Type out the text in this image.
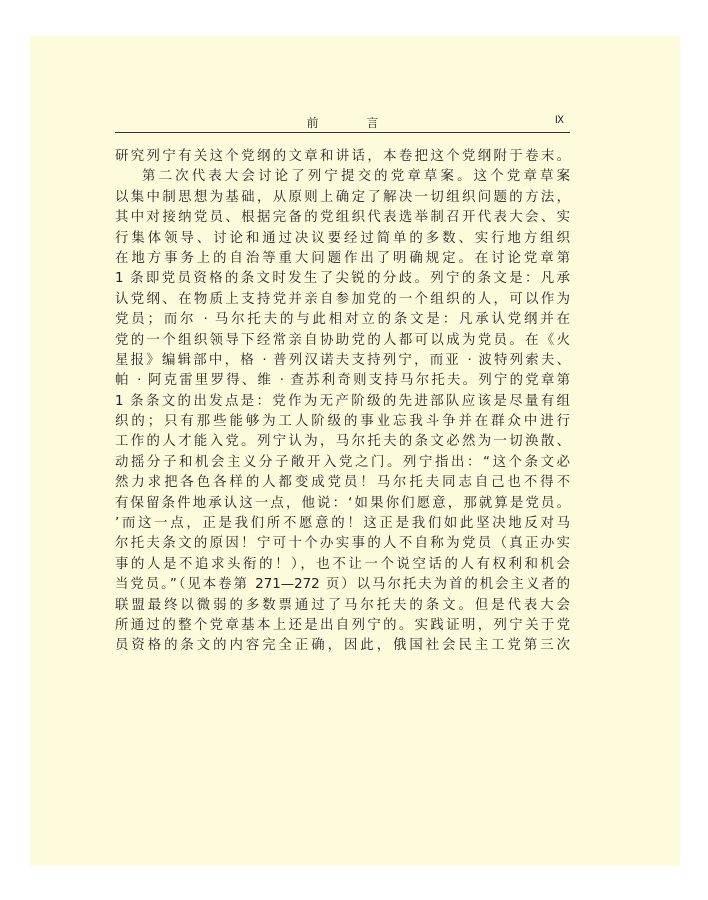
前 言	Ⅸ
研究列宁有关这个党纲的文章和讲话，本卷把这个党纲附于卷末。
第二次代表大会讨论了列宁提交的党章草案。这个党章草案
以集中制思想为基础，从原则上确定了解决一切组织问题的方法，
其中对接纳党员、根据完备的党组织代表选举制召开代表大会、实
行集体领导、讨论和通过决议要经过简单的多数、实行地方组织
在地方事务上的自治等重大问题作出了明确规定。在讨论党章第
1 条即党员资格的条文时发生了尖锐的分歧。列宁的条文是：凡承
认党纲、在物质上支持党并亲自参加党的一个组织的人，可以作为
党员；而尔 · 马尔托夫的与此相对立的条文是：凡承认党纲并在
党的一个组织领导下经常亲自协助党的人都可以成为党员。在《火
星报》编辑部中，格 · 普列汉诺夫支持列宁，而亚 · 波特列索夫、
帕 · 阿克雷里罗得、维 · 查苏利奇则支持马尔托夫。列宁的党章第
1 条条文的出发点是：党作为无产阶级的先进部队应该是尽量有组
织的；只有那些能够为工人阶级的事业忘我斗争并在群众中进行
工作的人才能入党。列宁认为，马尔托夫的条文必然为一切涣散、
动摇分子和机会主义分子敞开入党之门。列宁指出：“这个条文必
然力求把各色各样的人都变成党员！马尔托夫同志自己也不得不
有保留条件地承认这一点，他说：‘如果你们愿意，那就算是党员。
’而这一点，正是我们所不愿意的！这正是我们如此坚决地反对马
尔托夫条文的原因！宁可十个办实事的人不自称为党员（真正办实
事的人是不追求头衔的！），也不让一个说空话的人有权利和机会
当党员。”（见本卷第 271—272 页）以马尔托夫为首的机会主义者的
联盟最终以微弱的多数票通过了马尔托夫的条文。但是代表大会
所通过的整个党章基本上还是出自列宁的。实践证明，列宁关于党
员资格的条文的内容完全正确，因此，俄国社会民主工党第三次
